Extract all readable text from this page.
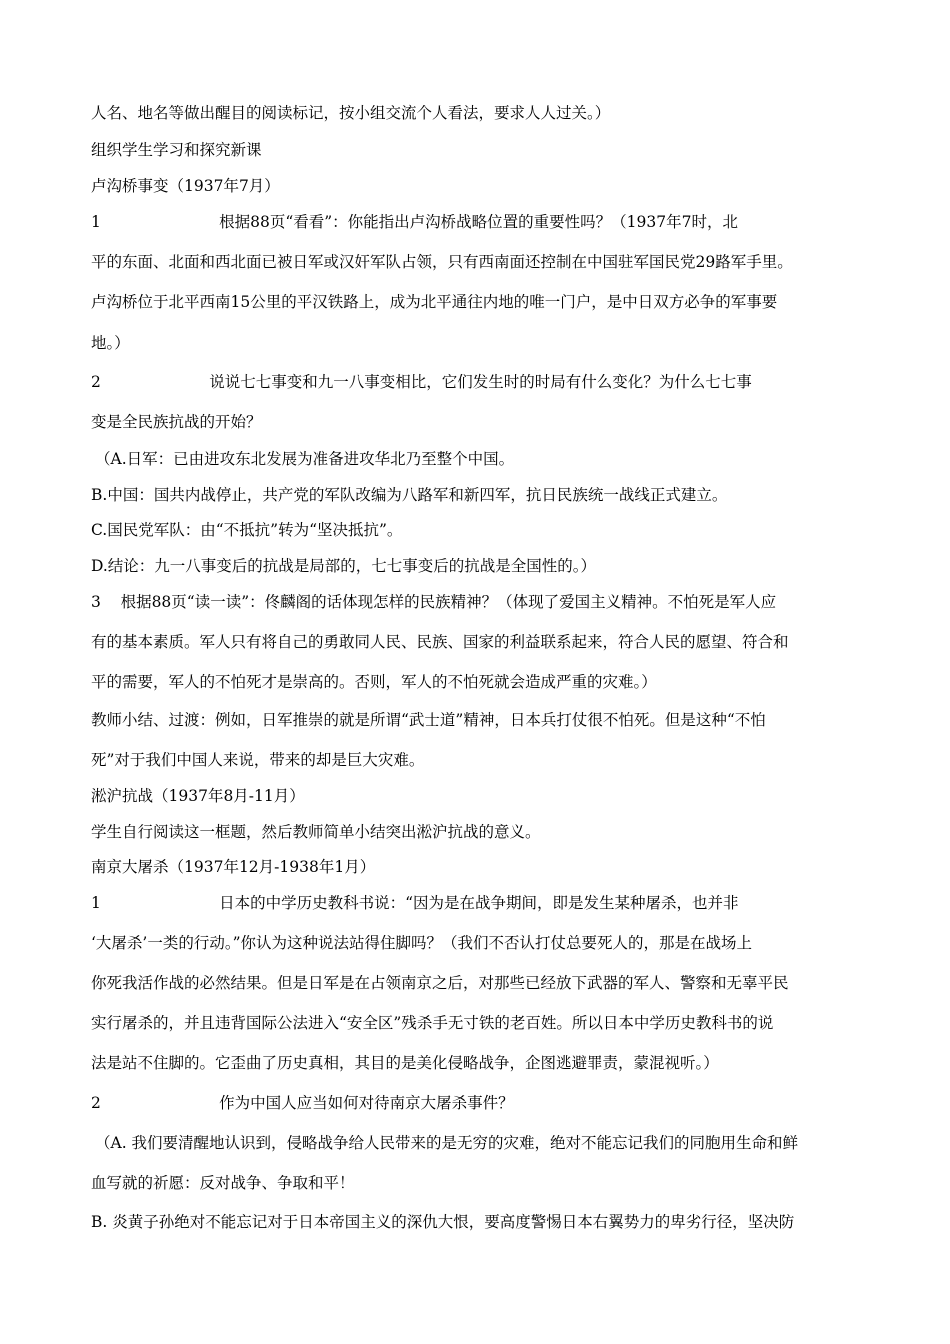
人名、地名等做出醒目的阅读标记，按小组交流个人看法，要求人人过关。）
组织学生学习和探究新课
卢沟桥事变（1937年7月）
1                        根据88页“看看”：你能指出卢沟桥战略位置的重要性吗？（1937年7时，北
平的东面、北面和西北面已被日军或汉奸军队占领，只有西南面还控制在中国驻军国民党29路军手里。
卢沟桥位于北平西南15公里的平汉铁路上，成为北平通往内地的唯一门户，是中日双方必争的军事要
地。）
2                      说说七七事变和九一八事变相比，它们发生时的时局有什么变化？为什么七七事
变是全民族抗战的开始？
（A.日军：已由进攻东北发展为准备进攻华北乃至整个中国。
B.中国：国共内战停止，共产党的军队改编为八路军和新四军，抗日民族统一战线正式建立。
C.国民党军队：由“不抵抗”转为“坚决抵抗”。
D.结论：九一八事变后的抗战是局部的，七七事变后的抗战是全国性的。）
3    根据88页“读一读”：佟麟阁的话体现怎样的民族精神？（体现了爱国主义精神。不怕死是军人应
有的基本素质。军人只有将自己的勇敢同人民、民族、国家的利益联系起来，符合人民的愿望、符合和
平的需要，军人的不怕死才是崇高的。否则，军人的不怕死就会造成严重的灾难。）
教师小结、过渡：例如，日军推崇的就是所谓“武士道”精神，日本兵打仗很不怕死。但是这种“不怕
死”对于我们中国人来说，带来的却是巨大灾难。
淞沪抗战（1937年8月-11月）
学生自行阅读这一框题，然后教师简单小结突出淞沪抗战的意义。
南京大屠杀（1937年12月-1938年1月）
1                        日本的中学历史教科书说：“因为是在战争期间，即是发生某种屠杀，也并非
‘大屠杀’一类的行动。”你认为这种说法站得住脚吗？（我们不否认打仗总要死人的，那是在战场上
你死我活作战的必然结果。但是日军是在占领南京之后，对那些已经放下武器的军人、警察和无辜平民
实行屠杀的，并且违背国际公法进入“安全区”残杀手无寸铁的老百姓。所以日本中学历史教科书的说
法是站不住脚的。它歪曲了历史真相，其目的是美化侵略战争，企图逃避罪责，蒙混视听。）
2                        作为中国人应当如何对待南京大屠杀事件？
（A. 我们要清醒地认识到，侵略战争给人民带来的是无穷的灾难，绝对不能忘记我们的同胞用生命和鲜
血写就的祈愿：反对战争、争取和平！
B. 炎黄子孙绝对不能忘记对于日本帝国主义的深仇大恨，要高度警惕日本右翼势力的卑劣行径，坚决防
